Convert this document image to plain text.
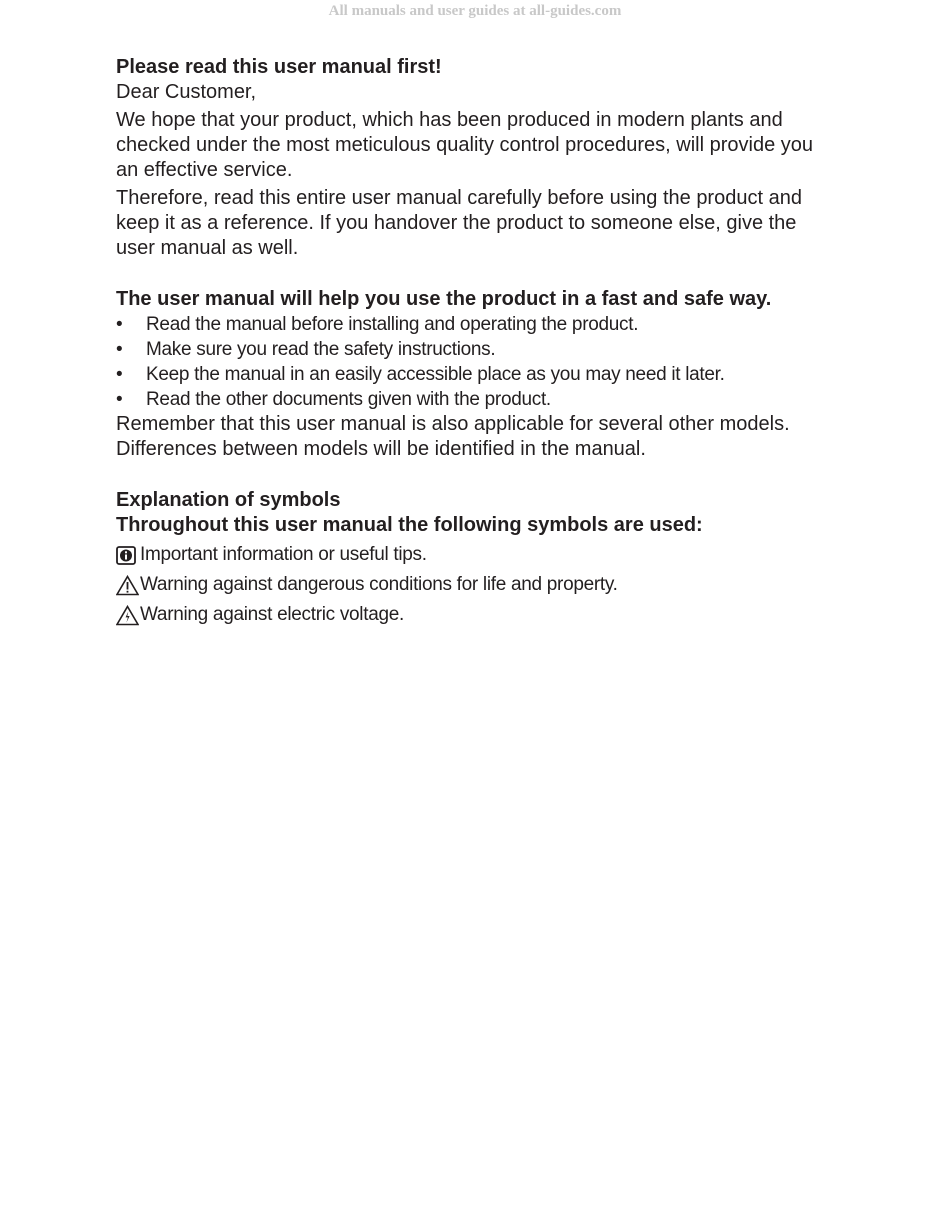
All manuals and user guides at all-guides.com

Please read this user manual first!

Dear Customer,

We hope that your product, which has been produced in modern plants and checked under the most meticulous quality control procedures, will provide you an effective service.

Therefore, read this entire user manual carefully before using the product and keep it as a reference. If you handover the product to someone else, give the user manual as well.

The user manual will help you use the product in a fast and safe way.

• Read the manual before installing and operating the product.
• Make sure you read the safety instructions.
• Keep the manual in an easily accessible place as you may need it later.
• Read the other documents given with the product.

Remember that this user manual is also applicable for several other models. Differences between models will be identified in the manual.

Explanation of symbols

Throughout this user manual the following symbols are used:

Important information or useful tips.
Warning against dangerous conditions for life and property.
Warning against electric voltage.
